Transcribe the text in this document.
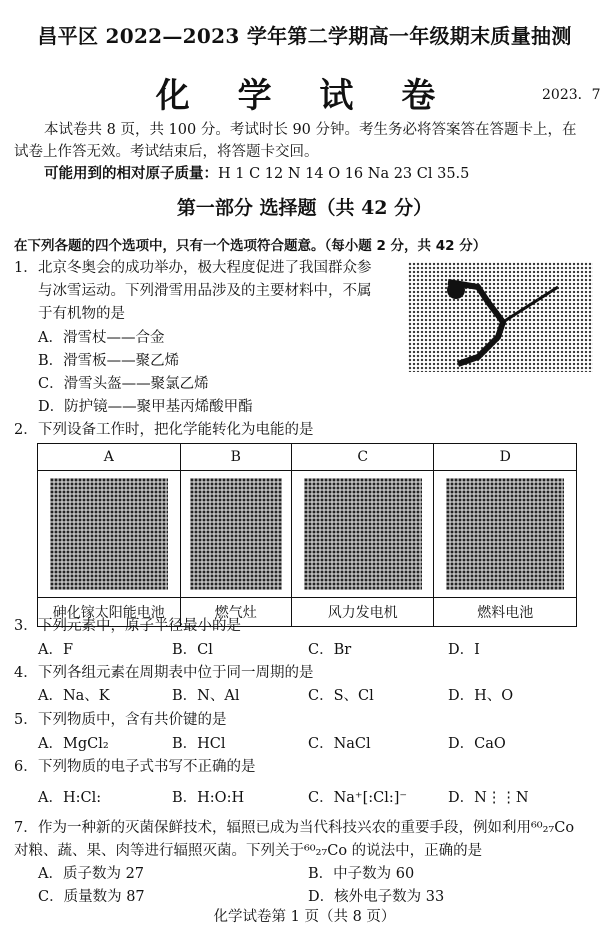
昌平区 2022—2023 学年第二学期高一年级期末质量抽测
化 学 试 卷	2023．7
本试卷共 8 页，共 100 分。考试时长 90 分钟。考生务必将答案答在答题卡上，在
试卷上作答无效。考试结束后，将答题卡交回。
可能用到的相对原子质量：H 1 C 12 N 14 O 16 Na 23 Cl 35.5
第一部分 选择题（共 42 分）
在下列各题的四个选项中，只有一个选项符合题意。（每小题 2 分，共 42 分）
1． 北京冬奥会的成功举办，极大程度促进了我国群众参
与冰雪运动。下列滑雪用品涉及的主要材料中，不属
于有机物的是
A．滑雪杖——合金
B．滑雪板——聚乙烯
C．滑雪头盔——聚氯乙烯
D．防护镜——聚甲基丙烯酸甲酯
2． 下列设备工作时，把化学能转化为电能的是
A	B	C	D

砷化镓太阳能电池	燃气灶	风力发电机	燃料电池
3． 下列元素中，原子半径最小的是
A．F	B．Cl	C．Br	D．I
4． 下列各组元素在周期表中位于同一周期的是
A．Na、K	B．N、Al	C．S、Cl	D．H、O
5． 下列物质中，含有共价键的是
A．MgCl₂	B．HCl	C．NaCl	D．CaO
6． 下列物质的电子式书写不正确的是
A．H:Cl:	B．H:O:H	C．Na⁺[:Cl:]⁻	D．N⋮⋮N
7． 作为一种新的灭菌保鲜技术，辐照已成为当代科技兴农的重要手段，例如利用⁶⁰₂₇Co
对粮、蔬、果、肉等进行辐照灭菌。下列关于⁶⁰₂₇Co 的说法中，正确的是
A．质子数为 27	B．中子数为 60
C．质量数为 87	D．核外电子数为 33
化学试卷第 1 页（共 8 页）
